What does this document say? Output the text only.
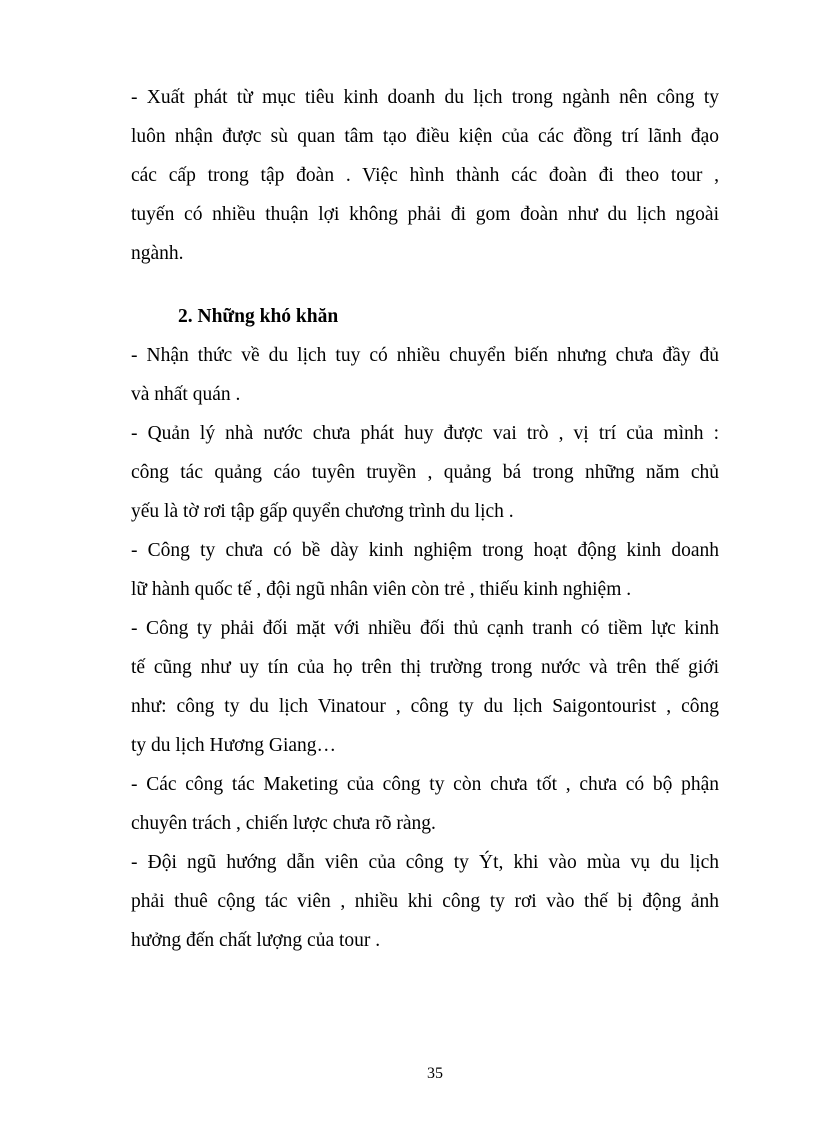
- Xuất phát từ mục tiêu kinh doanh du lịch trong ngành nên công ty
luôn nhận được sù quan tâm tạo điều kiện của các đồng trí lãnh đạo
các cấp trong tập đoàn . Việc hình thành các đoàn đi theo tour ,
tuyến có nhiều thuận lợi không phải đi gom đoàn như du lịch ngoài
ngành.
2. Những khó khăn
- Nhận thức về du lịch tuy có nhiều chuyển biến nhưng chưa đầy đủ
và nhất quán .
- Quản lý nhà nước chưa phát huy được vai trò , vị trí của mình :
công tác quảng cáo tuyên truyền , quảng bá trong những năm chủ
yếu là tờ rơi tập gấp quyển chương trình du lịch .
- Công ty chưa có bề dày kinh nghiệm trong hoạt động kinh doanh
lữ hành quốc tế , đội ngũ nhân viên còn trẻ , thiếu kinh nghiệm .
- Công ty phải đối mặt với nhiều đối thủ cạnh tranh có tiềm lực kinh
tế cũng như uy tín của họ trên thị trường trong nước và trên thế giới
như: công ty du lịch Vinatour , công ty du lịch Saigontourist , công
ty du lịch Hương Giang…
- Các công tác Maketing của công ty còn chưa tốt , chưa có bộ phận
chuyên trách , chiến lược chưa rõ ràng.
- Đội ngũ hướng dẫn viên của công ty Ýt, khi vào mùa vụ du lịch
phải thuê cộng tác viên , nhiều khi công ty rơi vào thế bị động ảnh
hưởng đến chất lượng của tour .
35
